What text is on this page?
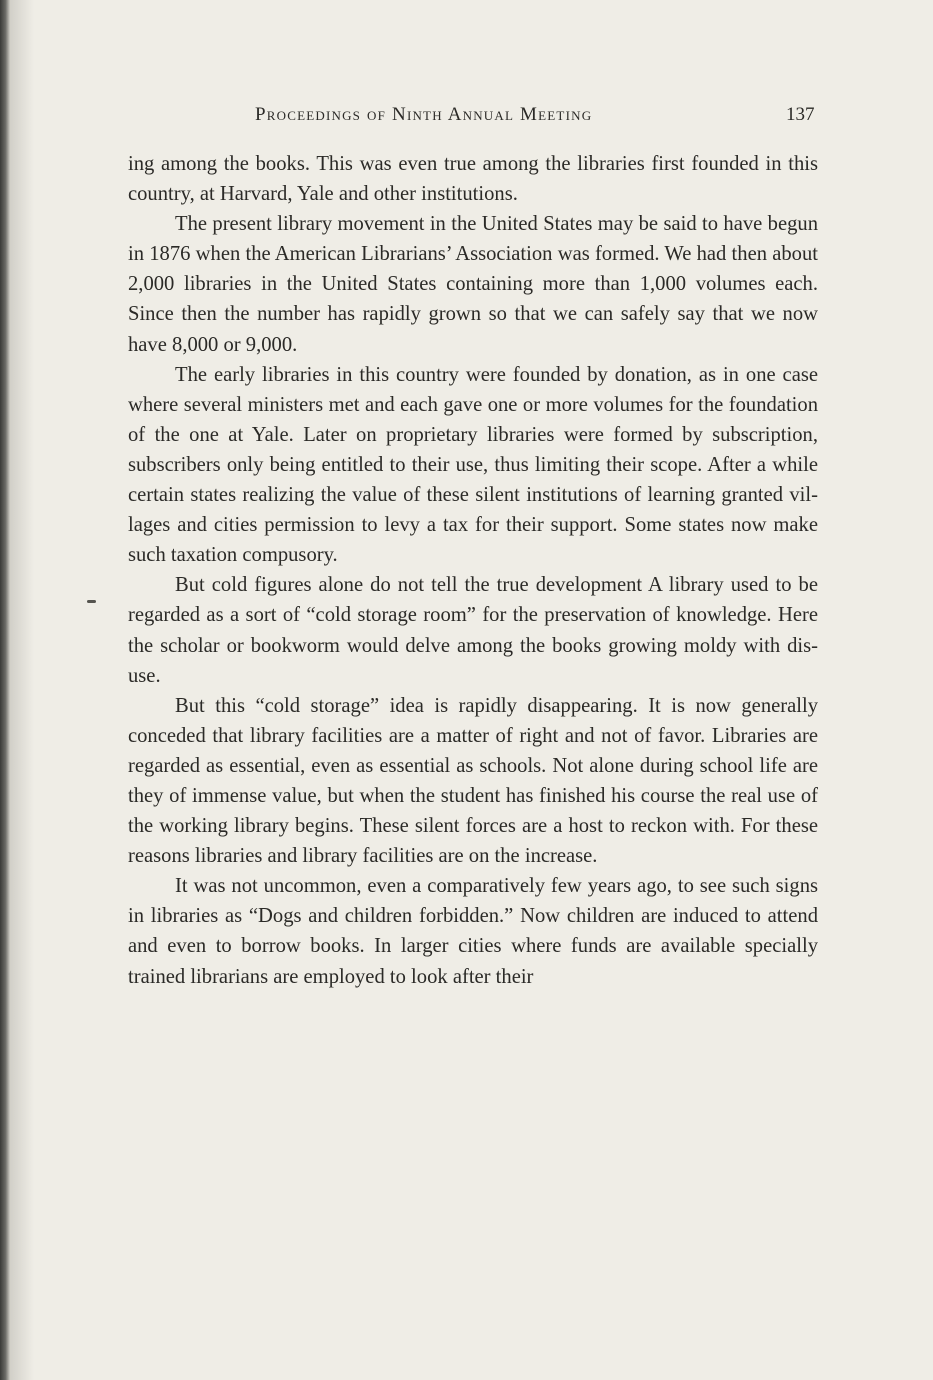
Proceedings of Ninth Annual Meeting	137

ing among the books. This was even true among the libraries first founded in this country, at Harvard, Yale and other institutions.

The present library movement in the United States may be said to have begun in 1876 when the American Librarians’ Association was formed. We had then about 2,000 libraries in the United States containing more than 1,000 volumes each. Since then the number has rapidly grown so that we can safely say that we now have 8,000 or 9,000.

The early libraries in this country were founded by donation, as in one case where several ministers met and each gave one or more volumes for the foundation of the one at Yale. Later on proprietary libraries were formed by subscription, subscribers only being entitled to their use, thus limiting their scope. After a while certain states realizing the value of these silent institutions of learning granted villages and cities permission to levy a tax for their support. Some states now make such taxation compusory.

But cold figures alone do not tell the true development A library used to be regarded as a sort of “cold storage room” for the preservation of knowledge. Here the scholar or bookworm would delve among the books growing moldy with disuse.

But this “cold storage” idea is rapidly disappearing. It is now generally conceded that library facilities are a matter of right and not of favor. Libraries are regarded as essential, even as essential as schools. Not alone during school life are they of immense value, but when the student has finished his course the real use of the working library begins. These silent forces are a host to reckon with. For these reasons libraries and library facilities are on the increase.

It was not uncommon, even a comparatively few years ago, to see such signs in libraries as “Dogs and children forbidden.” Now children are induced to attend and even to borrow books. In larger cities where funds are available specially trained librarians are employed to look after their
